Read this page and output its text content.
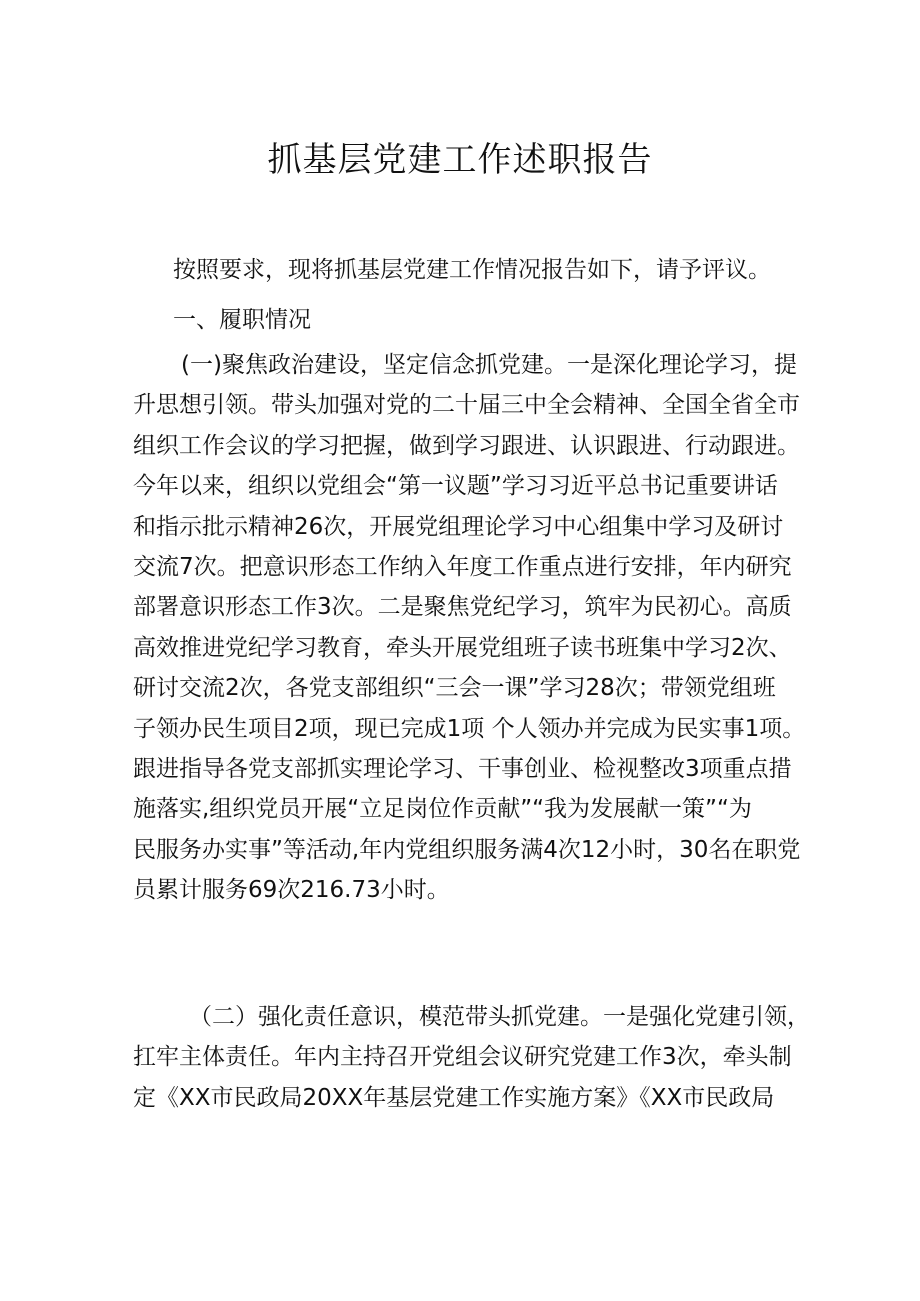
抓基层党建工作述职报告

按照要求，现将抓基层党建工作情况报告如下，请予评议。

一、履职情况

(一)聚焦政治建设，坚定信念抓党建。一是深化理论学习，提
升思想引领。带头加强对党的二十届三中全会精神、全国全省全市
组织工作会议的学习把握，做到学习跟进、认识跟进、行动跟进。
今年以来，组织以党组会“第一议题”学习习近平总书记重要讲话
和指示批示精神26次，开展党组理论学习中心组集中学习及研讨
交流7次。把意识形态工作纳入年度工作重点进行安排，年内研究
部署意识形态工作3次。二是聚焦党纪学习，筑牢为民初心。高质
高效推进党纪学习教育，牵头开展党组班子读书班集中学习2次、
研讨交流2次，各党支部组织“三会一课”学习28次；带领党组班
子领办民生项目2项，现已完成1项 个人领办并完成为民实事1项。
跟进指导各党支部抓实理论学习、干事创业、检视整改3项重点措
施落实,组织党员开展“立足岗位作贡献”“我为发展献一策”“为
民服务办实事”等活动,年内党组织服务满4次12小时，30名在职党
员累计服务69次216.73小时。

（二）强化责任意识，模范带头抓党建。一是强化党建引领，
扛牢主体责任。年内主持召开党组会议研究党建工作3次，牵头制
定《XX市民政局20XX年基层党建工作实施方案》《XX市民政局
